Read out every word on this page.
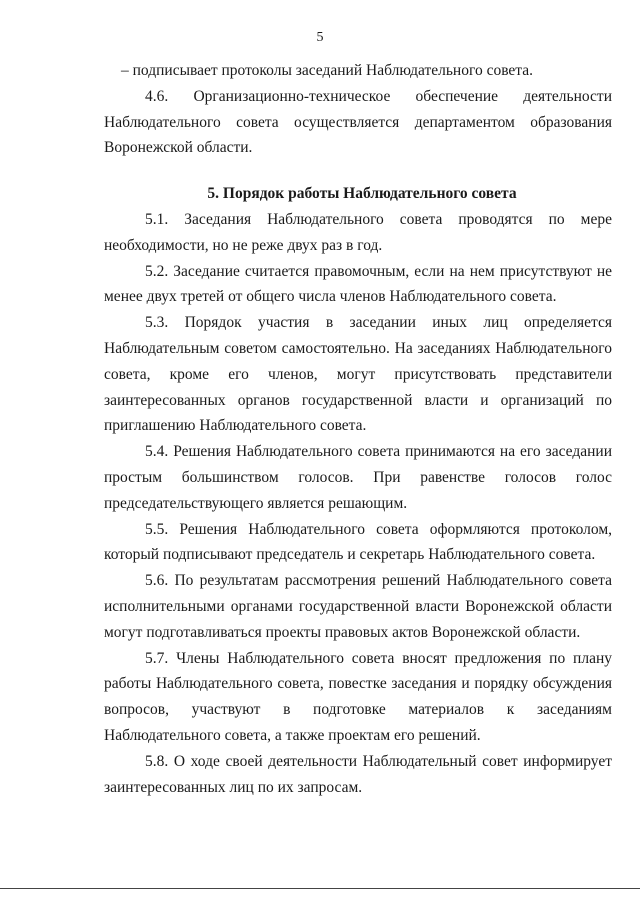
5

– подписывает протоколы заседаний Наблюдательного совета.

4.6. Организационно-техническое обеспечение деятельности Наблюдательного совета осуществляется департаментом образования Воронежской области.

5. Порядок работы Наблюдательного совета

5.1. Заседания Наблюдательного совета проводятся по мере необходимости, но не реже двух раз в год.

5.2. Заседание считается правомочным, если на нем присутствуют не менее двух третей от общего числа членов Наблюдательного совета.

5.3. Порядок участия в заседании иных лиц определяется Наблюдательным советом самостоятельно. На заседаниях Наблюдательного совета, кроме его членов, могут присутствовать представители заинтересованных органов государственной власти и организаций по приглашению Наблюдательного совета.

5.4. Решения Наблюдательного совета принимаются на его заседании простым большинством голосов. При равенстве голосов голос председательствующего является решающим.

5.5. Решения Наблюдательного совета оформляются протоколом, который подписывают председатель и секретарь Наблюдательного совета.

5.6. По результатам рассмотрения решений Наблюдательного совета исполнительными органами государственной власти Воронежской области могут подготавливаться проекты правовых актов Воронежской области.

5.7. Члены Наблюдательного совета вносят предложения по плану работы Наблюдательного совета, повестке заседания и порядку обсуждения вопросов, участвуют в подготовке материалов к заседаниям Наблюдательного совета, а также проектам его решений.

5.8. О ходе своей деятельности Наблюдательный совет информирует заинтересованных лиц по их запросам.
